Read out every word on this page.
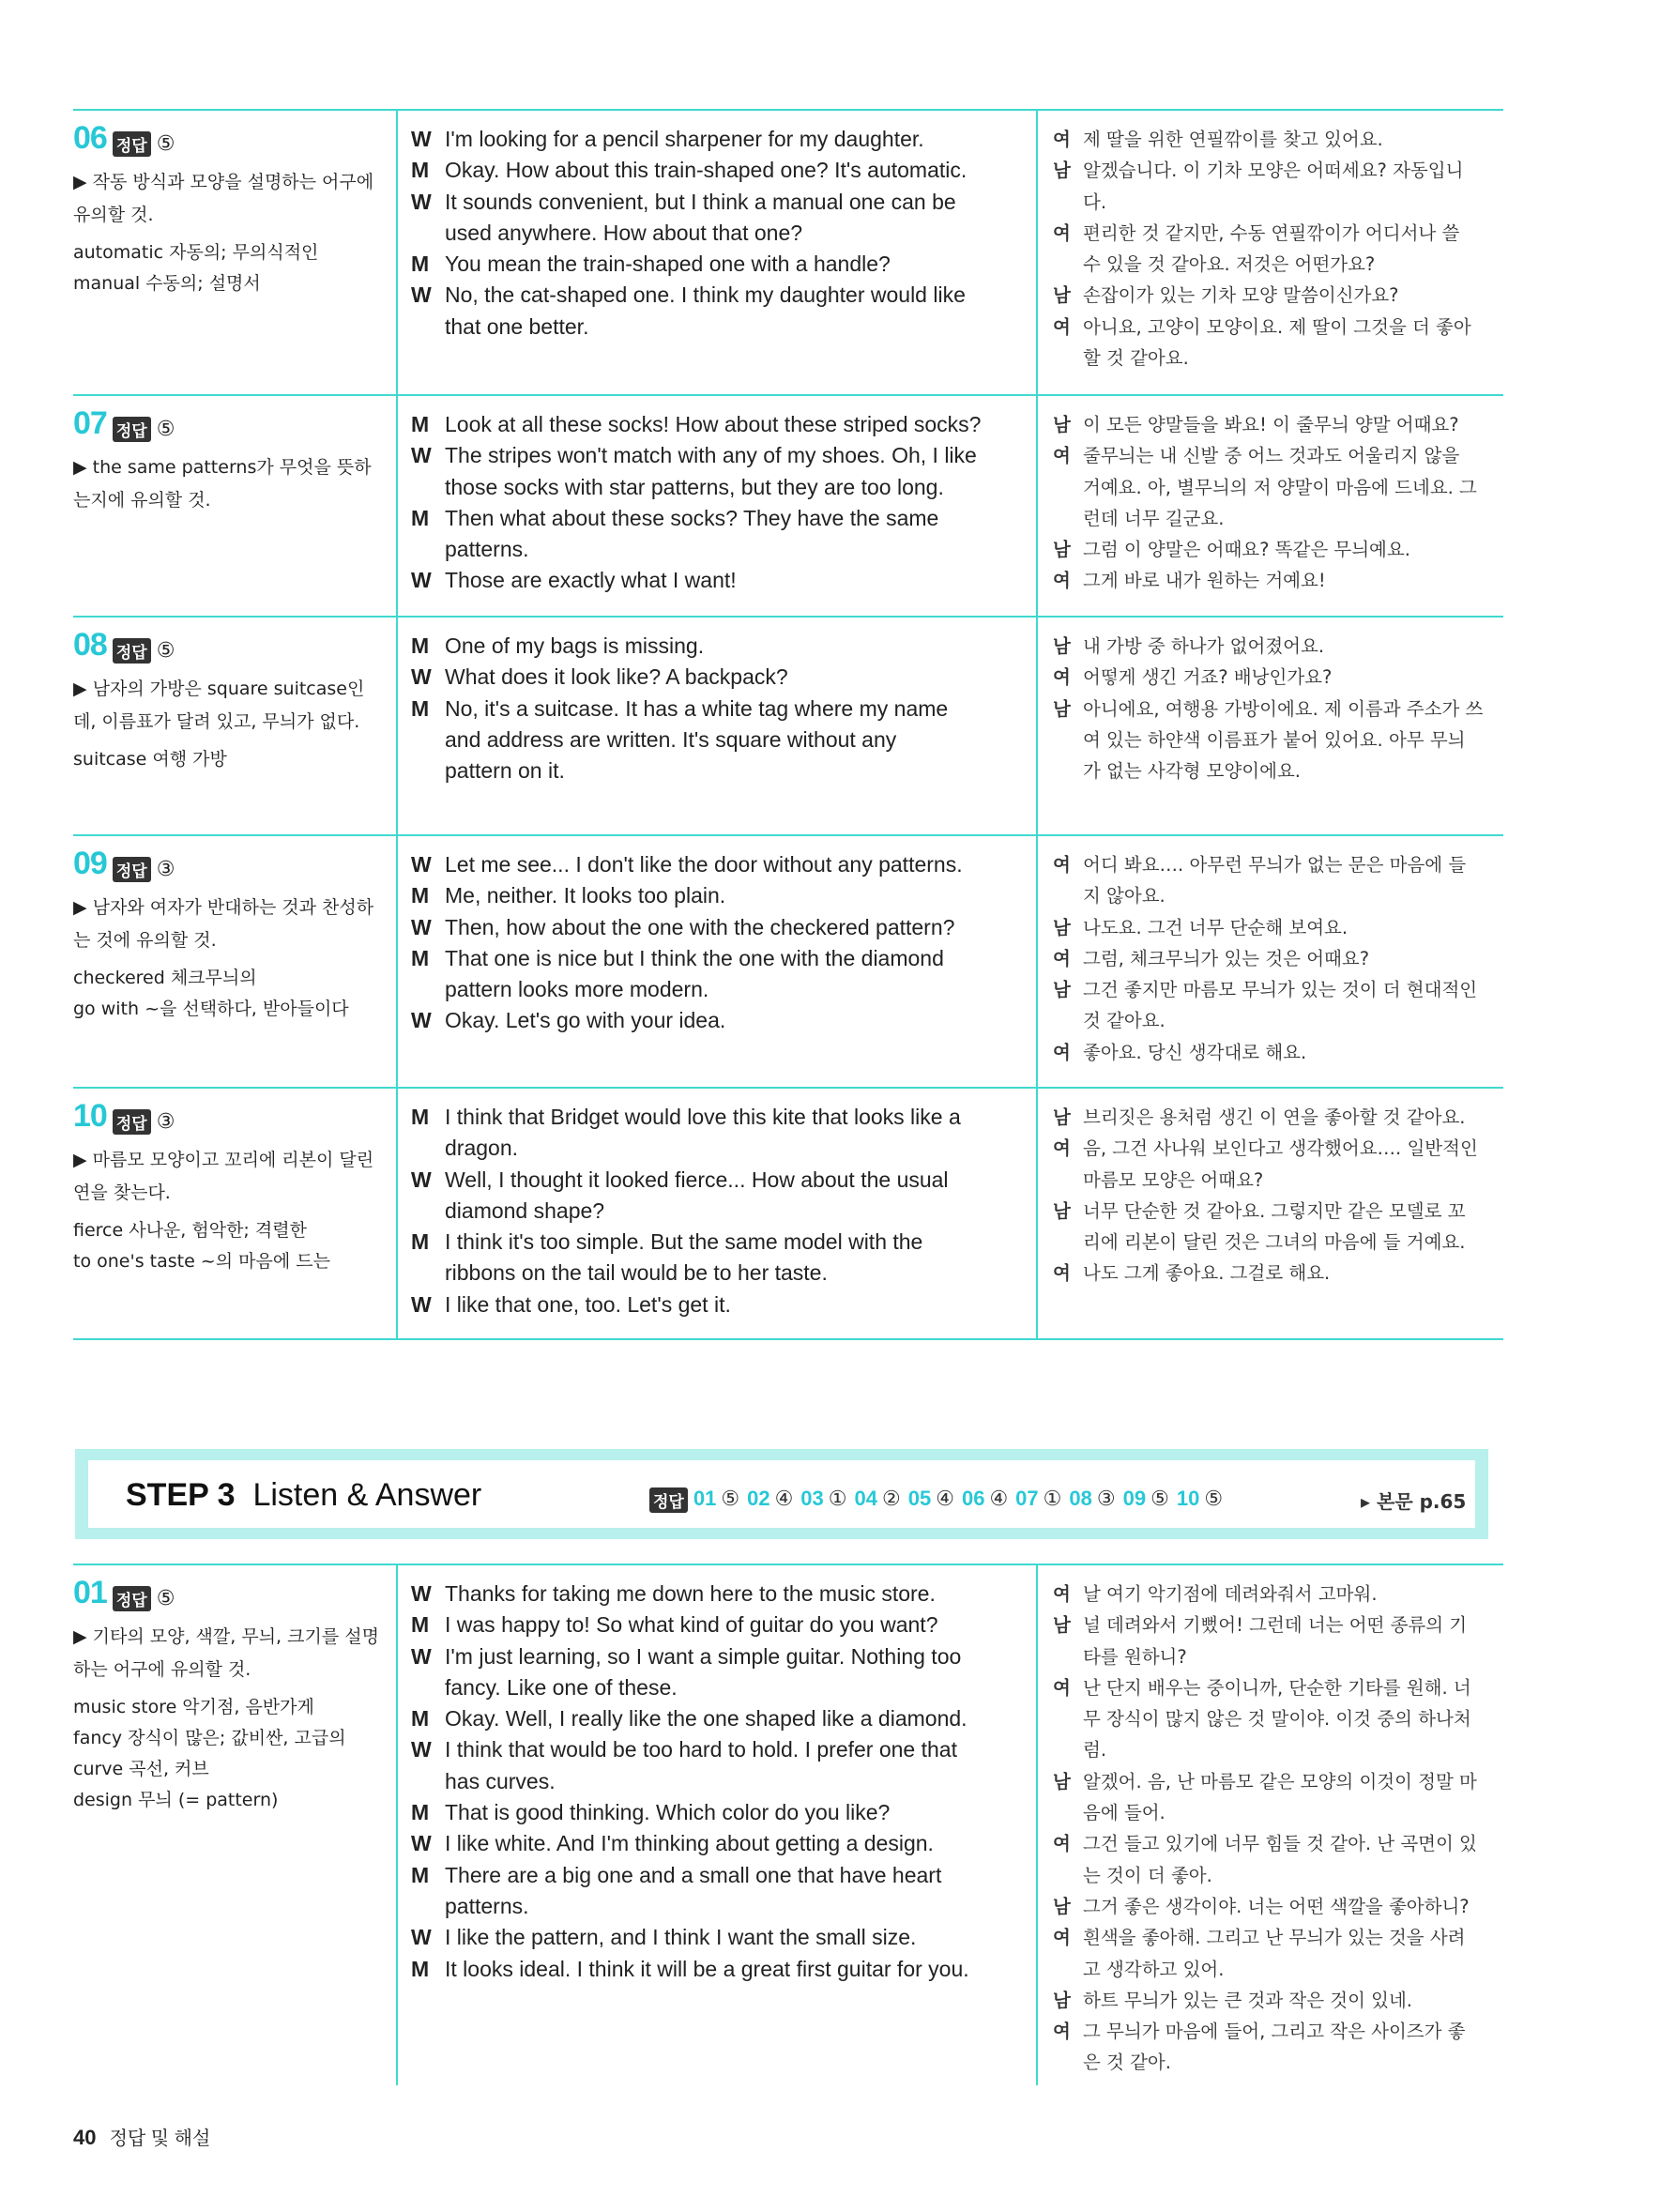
06 정답 ⑤
▶ 작동 방식과 모양을 설명하는 어구에 유의할 것.
automatic 자동의; 무의식적인
manual 수동의; 설명서
W I'm looking for a pencil sharpener for my daughter.
M Okay. How about this train-shaped one? It's automatic.
W It sounds convenient, but I think a manual one can be
used anywhere. How about that one?
M You mean the train-shaped one with a handle?
W No, the cat-shaped one. I think my daughter would like
that one better.
여 제 딸을 위한 연필깎이를 찾고 있어요.
남 알겠습니다. 이 기차 모양은 어떠세요? 자동입니
다.
여 편리한 것 같지만, 수동 연필깎이가 어디서나 쓸
수 있을 것 같아요. 저것은 어떤가요?
남 손잡이가 있는 기차 모양 말씀이신가요?
여 아니요, 고양이 모양이요. 제 딸이 그것을 더 좋아
할 것 같아요.
07 정답 ⑤
▶ the same patterns가 무엇을 뜻하는지에 유의할 것.
M Look at all these socks! How about these striped socks?
W The stripes won't match with any of my shoes. Oh, I like
those socks with star patterns, but they are too long.
M Then what about these socks? They have the same
patterns.
W Those are exactly what I want!
남 이 모든 양말들을 봐요! 이 줄무늬 양말 어때요?
여 줄무늬는 내 신발 중 어느 것과도 어울리지 않을
거예요. 아, 별무늬의 저 양말이 마음에 드네요. 그
런데 너무 길군요.
남 그럼 이 양말은 어때요? 똑같은 무늬예요.
여 그게 바로 내가 원하는 거예요!
08 정답 ⑤
▶ 남자의 가방은 square suitcase인데, 이름표가 달려 있고, 무늬가 없다.
suitcase 여행 가방
M One of my bags is missing.
W What does it look like? A backpack?
M No, it's a suitcase. It has a white tag where my name
and address are written. It's square without any
pattern on it.
남 내 가방 중 하나가 없어졌어요.
여 어떻게 생긴 거죠? 배낭인가요?
남 아니에요, 여행용 가방이에요. 제 이름과 주소가 쓰
여 있는 하얀색 이름표가 붙어 있어요. 아무 무늬
가 없는 사각형 모양이에요.
09 정답 ③
▶ 남자와 여자가 반대하는 것과 찬성하는 것에 유의할 것.
checkered 체크무늬의
go with ~을 선택하다, 받아들이다
W Let me see... I don't like the door without any patterns.
M Me, neither. It looks too plain.
W Then, how about the one with the checkered pattern?
M That one is nice but I think the one with the diamond
pattern looks more modern.
W Okay. Let's go with your idea.
여 어디 봐요…. 아무런 무늬가 없는 문은 마음에 들
지 않아요.
남 나도요. 그건 너무 단순해 보여요.
여 그럼, 체크무늬가 있는 것은 어때요?
남 그건 좋지만 마름모 무늬가 있는 것이 더 현대적인
것 같아요.
여 좋아요. 당신 생각대로 해요.
10 정답 ③
▶ 마름모 모양이고 꼬리에 리본이 달린 연을 찾는다.
fierce 사나운, 험악한; 격렬한
to one's taste ~의 마음에 드는
M I think that Bridget would love this kite that looks like a
dragon.
W Well, I thought it looked fierce... How about the usual
diamond shape?
M I think it's too simple. But the same model with the
ribbons on the tail would be to her taste.
W I like that one, too. Let's get it.
남 브리짓은 용처럼 생긴 이 연을 좋아할 것 같아요.
여 음, 그건 사나워 보인다고 생각했어요…. 일반적인
마름모 모양은 어때요?
남 너무 단순한 것 같아요. 그렇지만 같은 모델로 꼬
리에 리본이 달린 것은 그녀의 마음에 들 거예요.
여 나도 그게 좋아요. 그걸로 해요.
STEP 3 Listen & Answer	정답 01 ⑤ 02 ④ 03 ① 04 ② 05 ④ 06 ④ 07 ① 08 ③ 09 ⑤ 10 ⑤	▸ 본문 p.65
01 정답 ⑤
▶ 기타의 모양, 색깔, 무늬, 크기를 설명하는 어구에 유의할 것.
music store 악기점, 음반가게
fancy 장식이 많은; 값비싼, 고급의
curve 곡선, 커브
design 무늬 (= pattern)
W Thanks for taking me down here to the music store.
M I was happy to! So what kind of guitar do you want?
W I'm just learning, so I want a simple guitar. Nothing too
fancy. Like one of these.
M Okay. Well, I really like the one shaped like a diamond.
W I think that would be too hard to hold. I prefer one that
has curves.
M That is good thinking. Which color do you like?
W I like white. And I'm thinking about getting a design.
M There are a big one and a small one that have heart
patterns.
W I like the pattern, and I think I want the small size.
M It looks ideal. I think it will be a great first guitar for you.
여 날 여기 악기점에 데려와줘서 고마워.
남 널 데려와서 기뻤어! 그런데 너는 어떤 종류의 기
타를 원하니?
여 난 단지 배우는 중이니까, 단순한 기타를 원해. 너
무 장식이 많지 않은 것 말이야. 이것 중의 하나처
럼.
남 알겠어. 음, 난 마름모 같은 모양의 이것이 정말 마
음에 들어.
여 그건 들고 있기에 너무 힘들 것 같아. 난 곡면이 있
는 것이 더 좋아.
남 그거 좋은 생각이야. 너는 어떤 색깔을 좋아하니?
여 흰색을 좋아해. 그리고 난 무늬가 있는 것을 사려
고 생각하고 있어.
남 하트 무늬가 있는 큰 것과 작은 것이 있네.
여 그 무늬가 마음에 들어, 그리고 작은 사이즈가 좋
은 것 같아.
40 정답 및 해설
